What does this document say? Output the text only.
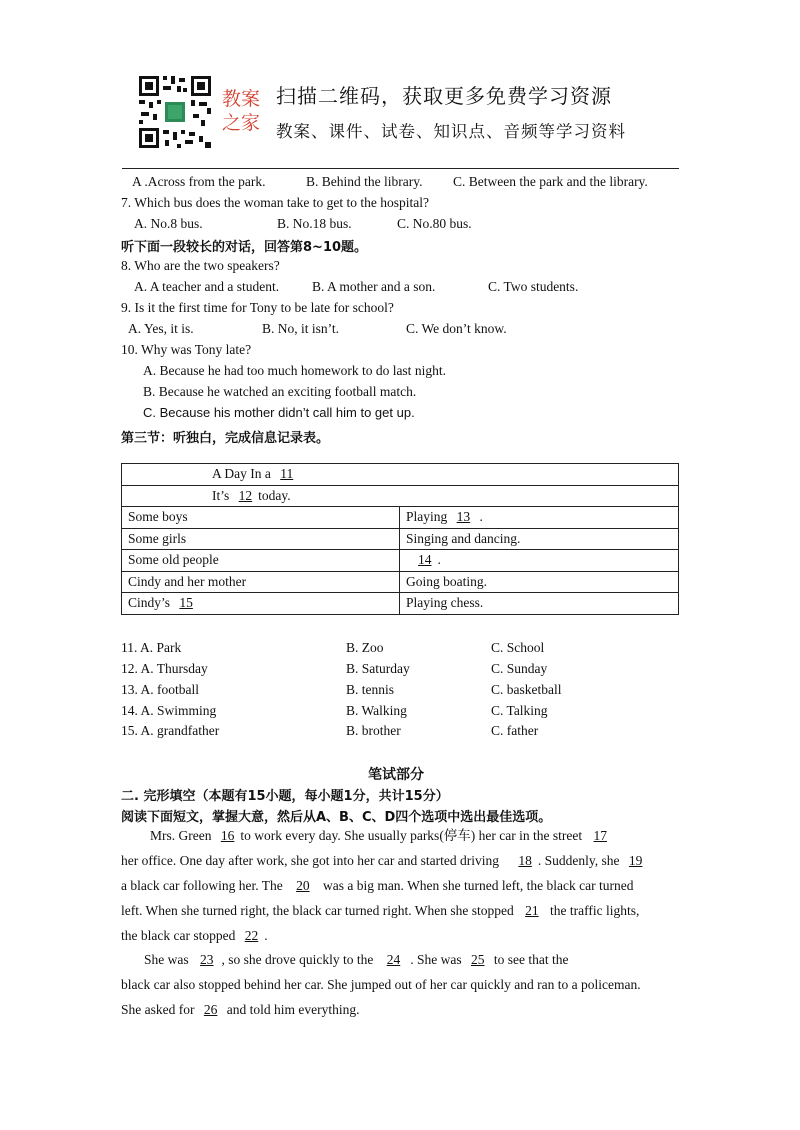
教案
之家
扫描二维码，获取更多免费学习资源
教案、课件、试卷、知识点、音频等学习资料
A .Across from the park.	B. Behind the library. C. Between the park and the library.
7. Which bus does the woman take to get to the hospital?
A. No.8 bus.	B. No.18 bus.	C. No.80 bus.
听下面一段较长的对话，回答第8~10题。
8. Who are the two speakers?
A. A teacher and a student. B. A mother and a son.	C. Two students.
9. Is it the first time for Tony to be late for school?
A. Yes, it is.	B. No, it isn’t.	C. We don’t know.
10. Why was Tony late?
A. Because he had too much homework to do last night.
B. Because he watched an exciting football match.
C. Because his mother didn’t call him to get up.
第三节：听独白，完成信息记录表。
A Day In a 11	
It’s 12 today.	
Some boys	Playing 13 .
Some girls	Singing and dancing.
Some old people	14 .
Cindy and her mother	Going boating.
Cindy’s 15	Playing chess.
11. A. Park	B. Zoo	C. School
12. A. Thursday	B. Saturday	C. Sunday
13. A. football	B. tennis	C. basketball
14. A. Swimming	B. Walking	C. Talking
15. A. grandfather	B. brother	C. father
笔试部分
二. 完形填空（本题有15小题，每小题1分，共计15分）
阅读下面短文，掌握大意，然后从A、B、C、D四个选项中选出最佳选项。
Mrs. Green 16 to work every day. She usually parks(停车) her car in the street 17
her office. One day after work, she got into her car and started driving 18 . Suddenly, she 19
a black car following her. The 20 was a big man. When she turned left, the black car turned
left. When she turned right, the black car turned right. When she stopped 21 the traffic lights,
the black car stopped 22 .
She was 23 , so she drove quickly to the 24 . She was 25 to see that the
black car also stopped behind her car. She jumped out of her car quickly and ran to a policeman.
She asked for 26 and told him everything.
